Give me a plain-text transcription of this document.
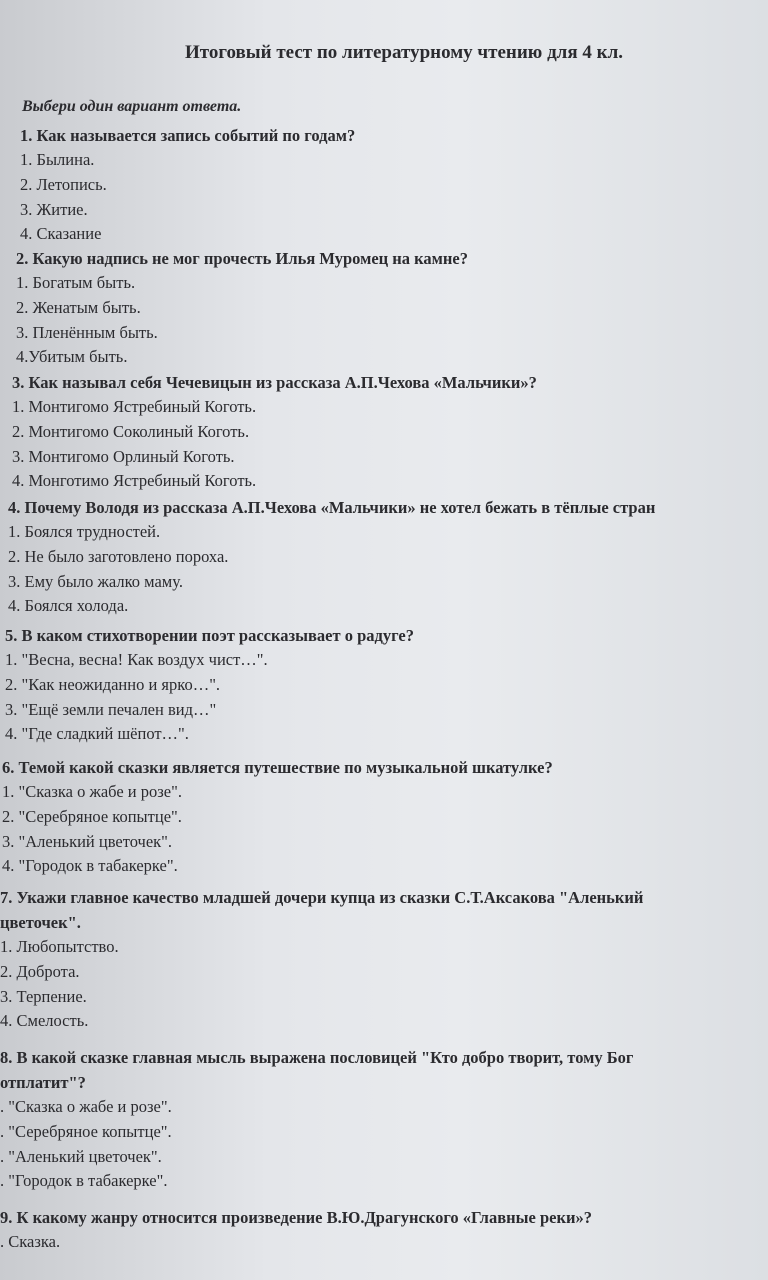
Итоговый тест по литературному чтению для 4 кл.
Выбери один вариант ответа.
1. Как называется запись событий по годам?
1. Былина.
2. Летопись.
3. Житие.
4. Сказание
2. Какую надпись не мог прочесть Илья Муромец на камне?
1. Богатым быть.
2. Женатым быть.
3. Пленённым быть.
4.Убитым быть.
3. Как называл себя Чечевицын из рассказа А.П.Чехова «Мальчики»?
1. Монтигомо Ястребиный Коготь.
2. Монтигомо Соколиный Коготь.
3. Монтигомо Орлиный Коготь.
4. Монготимо Ястребиный Коготь.
4. Почему Володя из рассказа А.П.Чехова «Мальчики» не хотел бежать в тёплые стран
1. Боялся трудностей.
2. Не было заготовлено пороха.
3. Ему было жалко маму.
4. Боялся холода.
5. В каком стихотворении поэт рассказывает о радуге?
1. "Весна, весна! Как воздух чист…".
2. "Как неожиданно и ярко…".
3. "Ещё земли печален вид…"
4. "Где сладкий шёпот…".
6. Темой какой сказки является путешествие по музыкальной шкатулке?
1. "Сказка о жабе и розе".
2. "Серебряное копытце".
3. "Аленький цветочек".
4. "Городок в табакерке".
7. Укажи главное качество младшей дочери купца из сказки С.Т.Аксакова "Аленький
цветочек".
1. Любопытство.
2. Доброта.
3. Терпение.
4. Смелость.
8. В какой сказке главная мысль выражена пословицей "Кто добро творит, тому Бог
отплатит"?
. "Сказка о жабе и розе".
. "Серебряное копытце".
. "Аленький цветочек".
. "Городок в табакерке".
9. К какому жанру относится произведение В.Ю.Драгунского «Главные реки»?
. Сказка.
